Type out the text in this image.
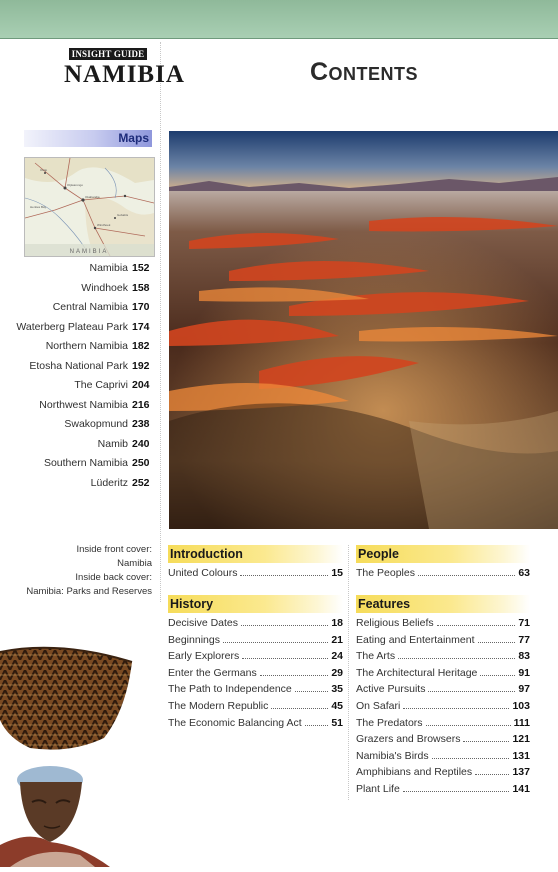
INSIGHT GUIDE
NAMIBIA	Contents
Maps
Otjiwarongo
Okahandja
Windhoek
Outjo
Gobabis
Henties Bay
NAMIBIA
Namibia 152
Windhoek 158
Central Namibia 170
Waterberg Plateau Park 174
Northern Namibia 182
Etosha National Park 192
The Caprivi 204
Northwest Namibia 216
Swakopmund 238
Namib 240
Southern Namibia 250
Lüderitz 252
Inside front cover:
Namibia
Inside back cover:
Namibia: Parks and Reserves
Introduction
United Colours	15
History
Decisive Dates	18
Beginnings	21
Early Explorers	24
Enter the Germans	29
The Path to Independence	35
The Modern Republic	45
The Economic Balancing Act	51
People
The Peoples	63
Features
Religious Beliefs	71
Eating and Entertainment	77
The Arts	83
The Architectural Heritage	91
Active Pursuits	97
On Safari	103
The Predators	111
Grazers and Browsers	121
Namibia's Birds	131
Amphibians and Reptiles	137
Plant Life	141
